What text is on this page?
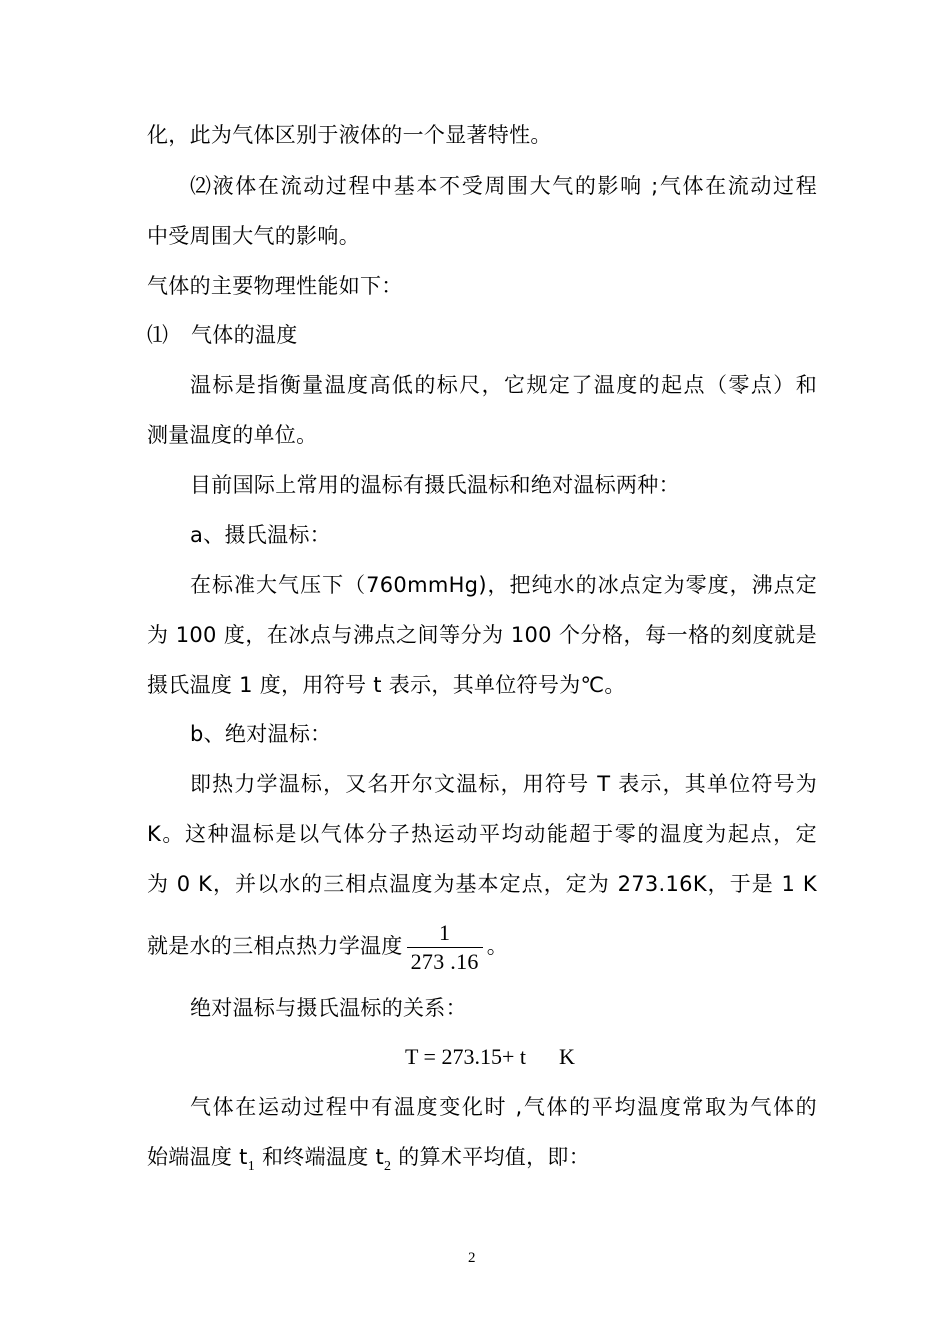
化，此为气体区别于液体的一个显著特性。
⑵液体在流动过程中基本不受周围大气的影响 ;气体在流动过程
中受周围大气的影响。
气体的主要物理性能如下：
⑴ 气体的温度
温标是指衡量温度高低的标尺，它规定了温度的起点（零点）和
测量温度的单位。
目前国际上常用的温标有摄氏温标和绝对温标两种：
a、摄氏温标：
在标准大气压下（760mmHg)，把纯水的冰点定为零度，沸点定
为 100 度，在冰点与沸点之间等分为 100 个分格，每一格的刻度就是
摄氏温度 1 度，用符号 t 表示，其单位符号为℃。
b、绝对温标：
即热力学温标，又名开尔文温标，用符号 T 表示，其单位符号为
K。这种温标是以气体分子热运动平均动能超于零的温度为起点，定
为 0 K，并以水的三相点温度为基本定点，定为 273.16K，于是 1 K
就是水的三相点热力学温度 $\frac{1}{273 .16}$ 。
绝对温标与摄氏温标的关系：
T = 273.15+ t      K
气体在运动过程中有温度变化时 ,气体的平均温度常取为气体的
始端温度 $t_1$ 和终端温度 $t_2$ 的算术平均值，即：
2
